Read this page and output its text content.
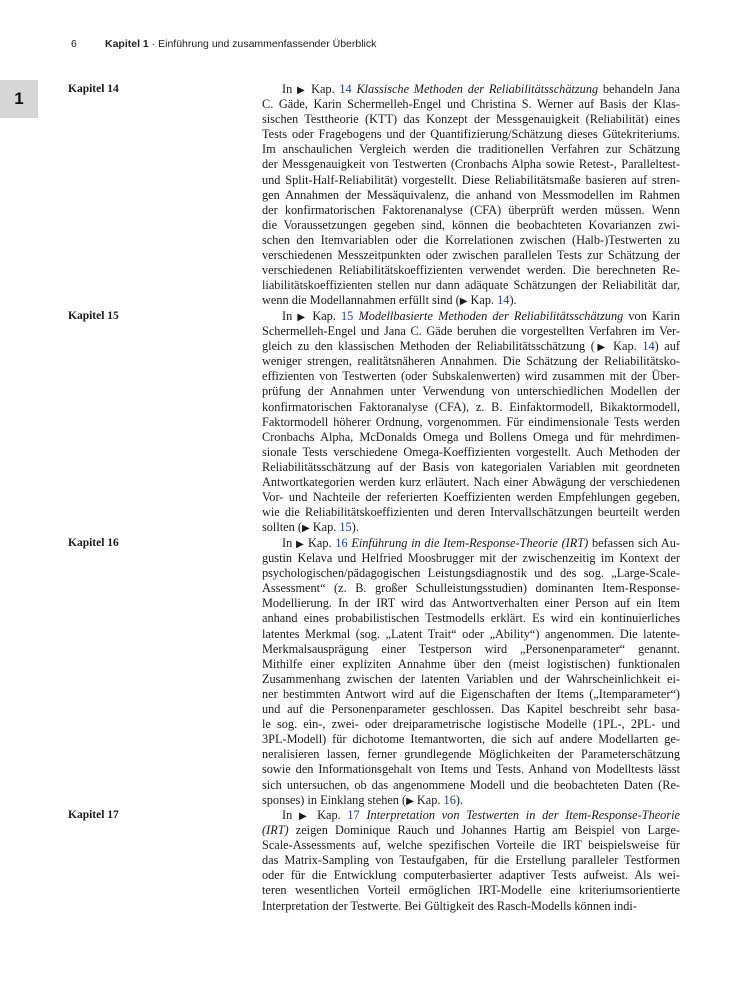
6	Kapitel 1 · Einführung und zusammenfassender Überblick
1	Kapitel 14	In ▶ Kap. 14 Klassische Methoden der Reliabilitätsschätzung behandeln Jana
C. Gäde, Karin Schermelleh-Engel und Christina S. Werner auf Basis der Klas-
sischen Testtheorie (KTT) das Konzept der Messgenauigkeit (Reliabilität) eines
Tests oder Fragebogens und der Quantifizierung/Schätzung dieses Gütekriteriums.
Im anschaulichen Vergleich werden die traditionellen Verfahren zur Schätzung
der Messgenauigkeit von Testwerten (Cronbachs Alpha sowie Retest-, Paralleltest-
und Split-Half-Reliabilität) vorgestellt. Diese Reliabilitätsmaße basieren auf stren-
gen Annahmen der Messäquivalenz, die anhand von Messmodellen im Rahmen
der konfirmatorischen Faktorenanalyse (CFA) überprüft werden müssen. Wenn
die Voraussetzungen gegeben sind, können die beobachteten Kovarianzen zwi-
schen den Itemvariablen oder die Korrelationen zwischen (Halb-)Testwerten zu
verschiedenen Messzeitpunkten oder zwischen parallelen Tests zur Schätzung der
verschiedenen Reliabilitätskoeffizienten verwendet werden. Die berechneten Re-
liabilitätskoeffizienten stellen nur dann adäquate Schätzungen der Reliabilität dar,
wenn die Modellannahmen erfüllt sind (▶ Kap. 14).
Kapitel 15	In ▶ Kap. 15 Modellbasierte Methoden der Reliabilitätsschätzung von Karin
Schermelleh-Engel und Jana C. Gäde beruhen die vorgestellten Verfahren im Ver-
gleich zu den klassischen Methoden der Reliabilitätsschätzung (▶ Kap. 14) auf
weniger strengen, realitätsnäheren Annahmen. Die Schätzung der Reliabilitätsko-
effizienten von Testwerten (oder Subskalenwerten) wird zusammen mit der Über-
prüfung der Annahmen unter Verwendung von unterschiedlichen Modellen der
konfirmatorischen Faktoranalyse (CFA), z. B. Einfaktormodell, Bikaktormodell,
Faktormodell höherer Ordnung, vorgenommen. Für eindimensionale Tests werden
Cronbachs Alpha, McDonalds Omega und Bollens Omega und für mehrdimen-
sionale Tests verschiedene Omega-Koeffizienten vorgestellt. Auch Methoden der
Reliabilitätsschätzung auf der Basis von kategorialen Variablen mit geordneten
Antwortkategorien werden kurz erläutert. Nach einer Abwägung der verschiedenen
Vor- und Nachteile der referierten Koeffizienten werden Empfehlungen gegeben,
wie die Reliabilitätskoeffizienten und deren Intervallschätzungen beurteilt werden
sollten (▶ Kap. 15).
Kapitel 16	In ▶ Kap. 16 Einführung in die Item-Response-Theorie (IRT) befassen sich Au-
gustin Kelava und Helfried Moosbrugger mit der zwischenzeitig im Kontext der
psychologischen/pädagogischen Leistungsdiagnostik und des sog. „Large-Scale-
Assessment“ (z. B. großer Schulleistungsstudien) dominanten Item-Response-
Modellierung. In der IRT wird das Antwortverhalten einer Person auf ein Item
anhand eines probabilistischen Testmodells erklärt. Es wird ein kontinuierliches
latentes Merkmal (sog. „Latent Trait“ oder „Ability“) angenommen. Die latente-
Merkmalsausprägung einer Testperson wird „Personenparameter“ genannt.
Mithilfe einer expliziten Annahme über den (meist logistischen) funktionalen
Zusammenhang zwischen der latenten Variablen und der Wahrscheinlichkeit ei-
ner bestimmten Antwort wird auf die Eigenschaften der Items („Itemparameter“)
und auf die Personenparameter geschlossen. Das Kapitel beschreibt sehr basa-
le sog. ein-, zwei- oder dreiparametrische logistische Modelle (1PL-, 2PL- und
3PL-Modell) für dichotome Itemantworten, die sich auf andere Modellarten ge-
neralisieren lassen, ferner grundlegende Möglichkeiten der Parameterschätzung
sowie den Informationsgehalt von Items und Tests. Anhand von Modelltests lässt
sich untersuchen, ob das angenommene Modell und die beobachteten Daten (Re-
sponses) in Einklang stehen (▶ Kap. 16).
Kapitel 17	In ▶ Kap. 17 Interpretation von Testwerten in der Item-Response-Theorie
(IRT) zeigen Dominique Rauch und Johannes Hartig am Beispiel von Large-
Scale-Assessments auf, welche spezifischen Vorteile die IRT beispielsweise für
das Matrix-Sampling von Testaufgaben, für die Erstellung paralleler Testformen
oder für die Entwicklung computerbasierter adaptiver Tests aufweist. Als wei-
teren wesentlichen Vorteil ermöglichen IRT-Modelle eine kriteriumsorientierte
Interpretation der Testwerte. Bei Gültigkeit des Rasch-Modells können indi-
